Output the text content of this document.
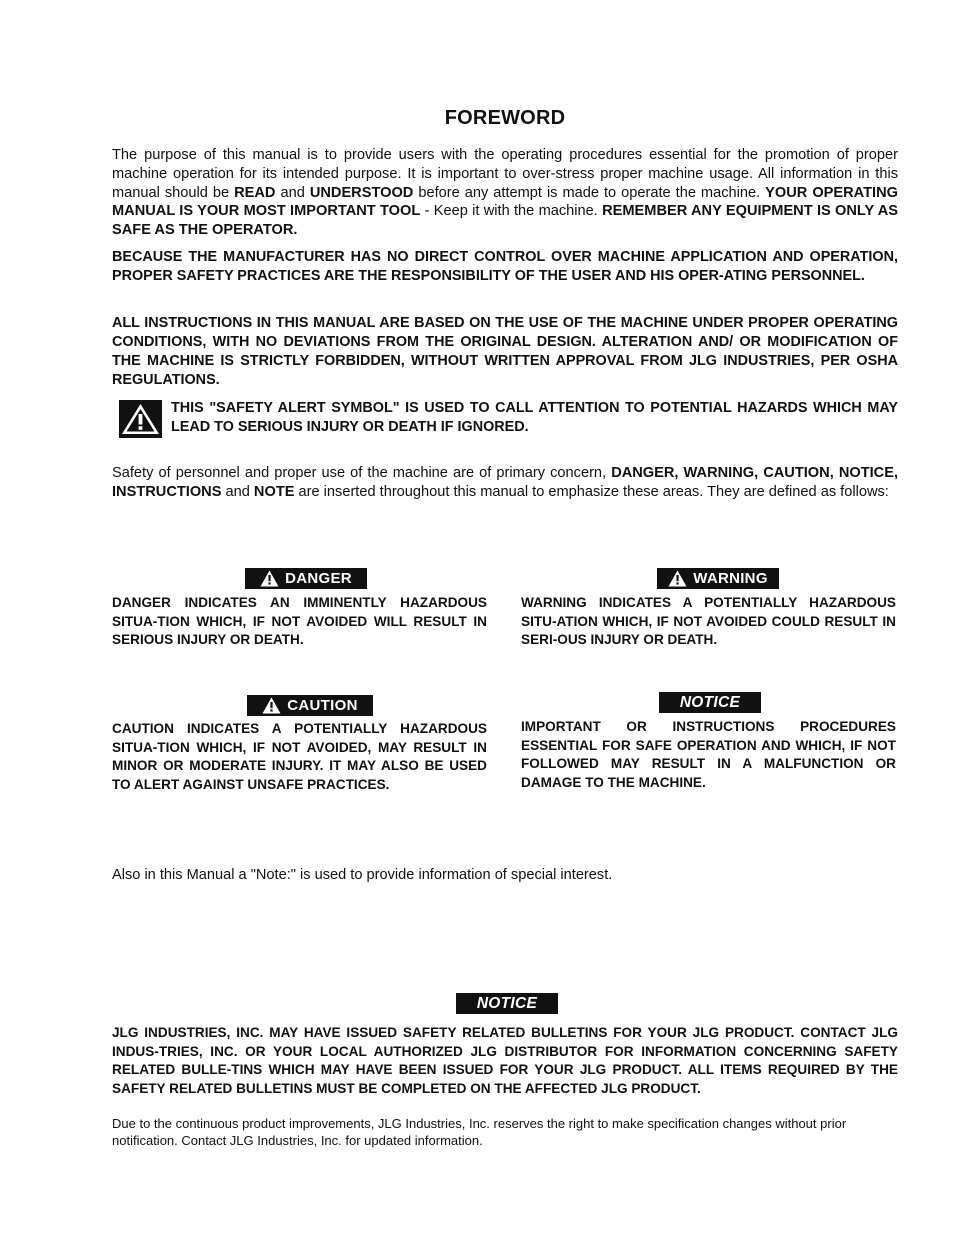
FOREWORD
The purpose of this manual is to provide users with the operating procedures essential for the promotion of proper machine operation for its intended purpose. It is important to over-stress proper machine usage. All information in this manual should be READ and UNDERSTOOD before any attempt is made to operate the machine. YOUR OPERATING MANUAL IS YOUR MOST IMPORTANT TOOL - Keep it with the machine. REMEMBER ANY EQUIPMENT IS ONLY AS SAFE AS THE OPERATOR.
BECAUSE THE MANUFACTURER HAS NO DIRECT CONTROL OVER MACHINE APPLICATION AND OPERATION, PROPER SAFETY PRACTICES ARE THE RESPONSIBILITY OF THE USER AND HIS OPER-ATING PERSONNEL.
ALL INSTRUCTIONS IN THIS MANUAL ARE BASED ON THE USE OF THE MACHINE UNDER PROPER OPERATING CONDITIONS, WITH NO DEVIATIONS FROM THE ORIGINAL DESIGN. ALTERATION AND/ OR MODIFICATION OF THE MACHINE IS STRICTLY FORBIDDEN, WITHOUT WRITTEN APPROVAL FROM JLG INDUSTRIES, PER OSHA REGULATIONS.
THIS "SAFETY ALERT SYMBOL" IS USED TO CALL ATTENTION TO POTENTIAL HAZARDS WHICH MAY LEAD TO SERIOUS INJURY OR DEATH IF IGNORED.
Safety of personnel and proper use of the machine are of primary concern, DANGER, WARNING, CAUTION, NOTICE, INSTRUCTIONS and NOTE are inserted throughout this manual to emphasize these areas. They are defined as follows:
DANGER
DANGER INDICATES AN IMMINENTLY HAZARDOUS SITUA-TION WHICH, IF NOT AVOIDED WILL RESULT IN SERIOUS INJURY OR DEATH.
WARNING
WARNING INDICATES A POTENTIALLY HAZARDOUS SITU-ATION WHICH, IF NOT AVOIDED COULD RESULT IN SERI-OUS INJURY OR DEATH.
CAUTION
CAUTION INDICATES A POTENTIALLY HAZARDOUS SITUA-TION WHICH, IF NOT AVOIDED, MAY RESULT IN MINOR OR MODERATE INJURY. IT MAY ALSO BE USED TO ALERT AGAINST UNSAFE PRACTICES.
NOTICE
IMPORTANT OR INSTRUCTIONS PROCEDURES ESSENTIAL FOR SAFE OPERATION AND WHICH, IF NOT FOLLOWED MAY RESULT IN A MALFUNCTION OR DAMAGE TO THE MACHINE.
Also in this Manual a "Note:" is used to provide information of special interest.
NOTICE
JLG INDUSTRIES, INC. MAY HAVE ISSUED SAFETY RELATED BULLETINS FOR YOUR JLG PRODUCT. CONTACT JLG INDUS-TRIES, INC. OR YOUR LOCAL AUTHORIZED JLG DISTRIBUTOR FOR INFORMATION CONCERNING SAFETY RELATED BULLE-TINS WHICH MAY HAVE BEEN ISSUED FOR YOUR JLG PRODUCT. ALL ITEMS REQUIRED BY THE SAFETY RELATED BULLETINS MUST BE COMPLETED ON THE AFFECTED JLG PRODUCT.
Due to the continuous product improvements, JLG Industries, Inc. reserves the right to make specification changes without prior notification. Contact JLG Industries, Inc. for updated information.
